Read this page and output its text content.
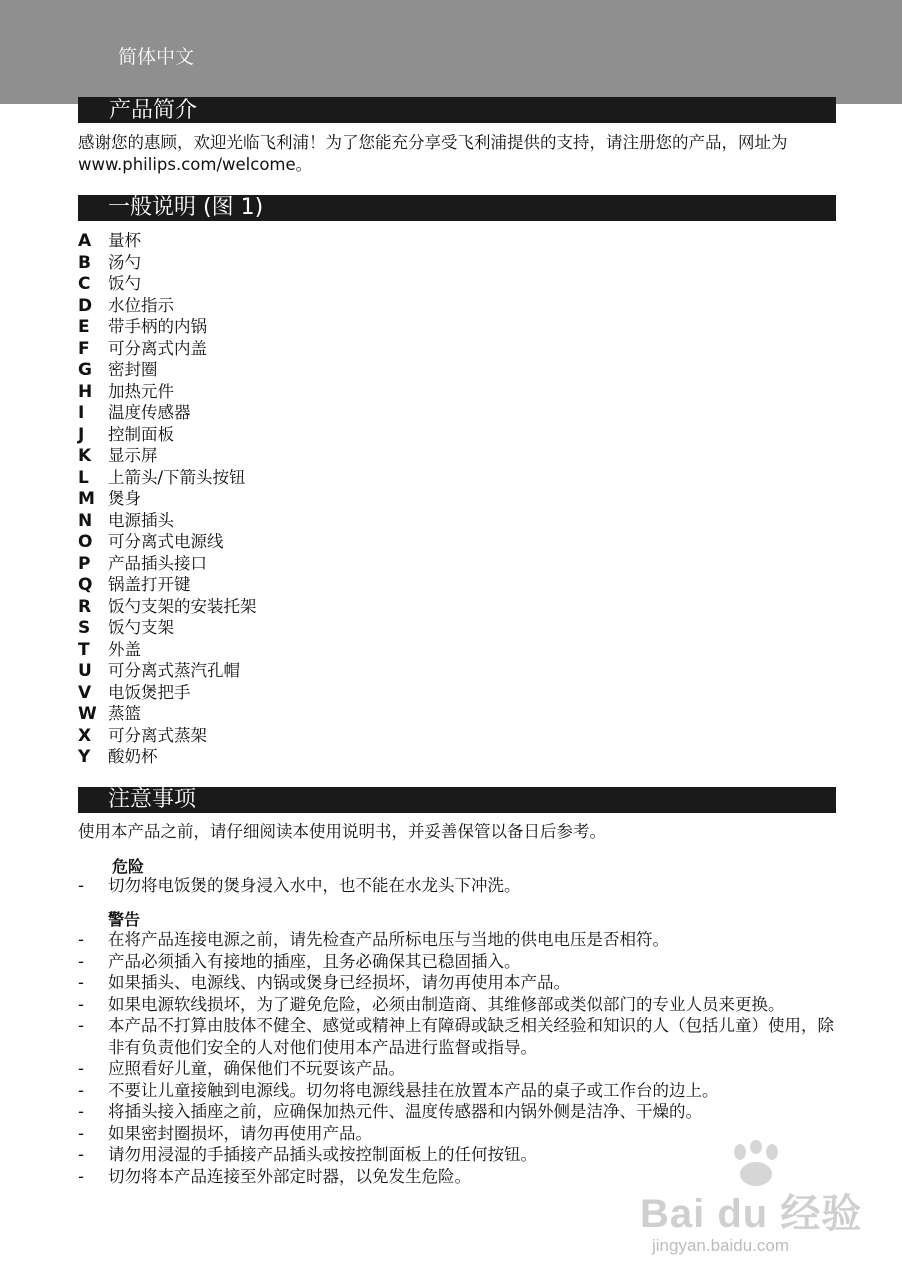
简体中文
产品简介
感谢您的惠顾，欢迎光临飞利浦！为了您能充分享受飞利浦提供的支持，请注册您的产品，网址为 www.philips.com/welcome。
一般说明 (图 1)
A 量杯
B 汤勺
C 饭勺
D 水位指示
E 带手柄的内锅
F 可分离式内盖
G 密封圈
H 加热元件
I 温度传感器
J 控制面板
K 显示屏
L 上箭头/下箭头按钮
M 煲身
N 电源插头
O 可分离式电源线
P 产品插头接口
Q 锅盖打开键
R 饭勺支架的安装托架
S 饭勺支架
T 外盖
U 可分离式蒸汽孔帽
V 电饭煲把手
W 蒸篮
X 可分离式蒸架
Y 酸奶杯
注意事项
使用本产品之前，请仔细阅读本使用说明书，并妥善保管以备日后参考。
危险
- 切勿将电饭煲的煲身浸入水中，也不能在水龙头下冲洗。
警告
- 在将产品连接电源之前，请先检查产品所标电压与当地的供电电压是否相符。
- 产品必须插入有接地的插座，且务必确保其已稳固插入。
- 如果插头、电源线、内锅或煲身已经损坏，请勿再使用本产品。
- 如果电源软线损坏，为了避免危险，必须由制造商、其维修部或类似部门的专业人员来更换。
- 本产品不打算由肢体不健全、感觉或精神上有障碍或缺乏相关经验和知识的人（包括儿童）使用，除非有负责他们安全的人对他们使用本产品进行监督或指导。
- 应照看好儿童，确保他们不玩耍该产品。
- 不要让儿童接触到电源线。切勿将电源线悬挂在放置本产品的桌子或工作台的边上。
- 将插头接入插座之前，应确保加热元件、温度传感器和内锅外侧是洁净、干燥的。
- 如果密封圈损坏，请勿再使用产品。
- 请勿用浸湿的手插接产品插头或按控制面板上的任何按钮。
- 切勿将本产品连接至外部定时器，以免发生危险。
Bai du 经验
jingyan.baidu.com
